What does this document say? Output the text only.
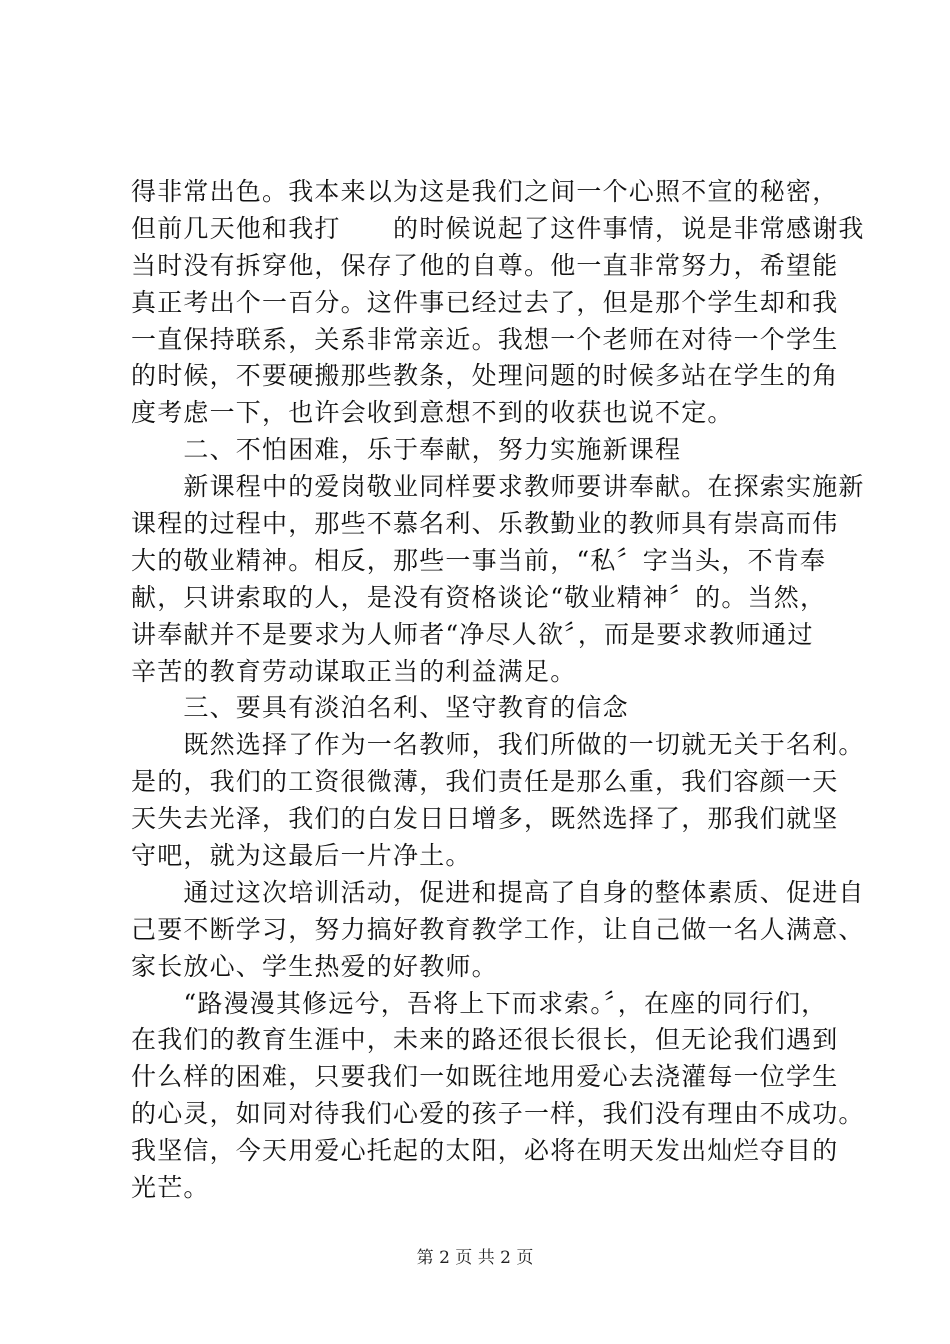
得非常出色。我本来以为这是我们之间一个心照不宣的秘密，
但前几天他和我打　　的时候说起了这件事情，说是非常感谢我
当时没有拆穿他，保存了他的自尊。他一直非常努力，希望能
真正考出个一百分。这件事已经过去了，但是那个学生却和我
一直保持联系，关系非常亲近。我想一个老师在对待一个学生
的时候，不要硬搬那些教条，处理问题的时候多站在学生的角
度考虑一下，也许会收到意想不到的收获也说不定。
　　二、不怕困难，乐于奉献，努力实施新课程
　　新课程中的爱岗敬业同样要求教师要讲奉献。在探索实施新
课程的过程中，那些不慕名利、乐教勤业的教师具有崇高而伟
大的敬业精神。相反，那些一事当前，“私〞字当头，不肯奉
献，只讲索取的人，是没有资格谈论“敬业精神〞的。当然，
讲奉献并不是要求为人师者“净尽人欲〞，而是要求教师通过
辛苦的教育劳动谋取正当的利益满足。
　　三、要具有淡泊名利、坚守教育的信念
　　既然选择了作为一名教师，我们所做的一切就无关于名利。
是的，我们的工资很微薄，我们责任是那么重，我们容颜一天
天失去光泽，我们的白发日日增多，既然选择了，那我们就坚
守吧，就为这最后一片净土。
　　通过这次培训活动，促进和提高了自身的整体素质、促进自
己要不断学习，努力搞好教育教学工作，让自己做一名人满意、
家长放心、学生热爱的好教师。
　　“路漫漫其修远兮，吾将上下而求索。〞，在座的同行们，
在我们的教育生涯中，未来的路还很长很长，但无论我们遇到
什么样的困难，只要我们一如既往地用爱心去浇灌每一位学生
的心灵，如同对待我们心爱的孩子一样，我们没有理由不成功。
我坚信，今天用爱心托起的太阳，必将在明天发出灿烂夺目的
光芒。
第 2 页 共 2 页
